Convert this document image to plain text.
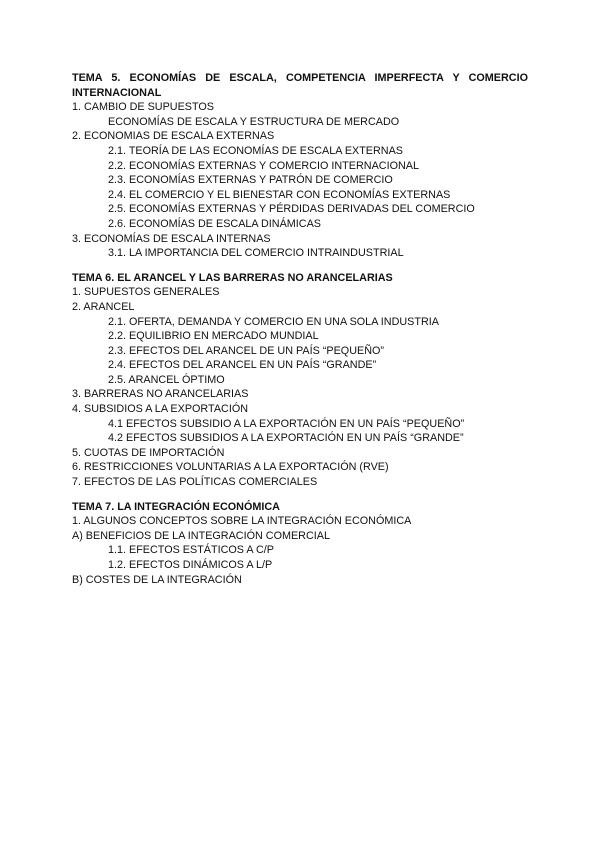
TEMA 5. ECONOMÍAS DE ESCALA, COMPETENCIA IMPERFECTA Y COMERCIO INTERNACIONAL

1. CAMBIO DE SUPUESTOS

ECONOMÍAS DE ESCALA Y ESTRUCTURA DE MERCADO

2. ECONOMIAS DE ESCALA EXTERNAS

2.1. TEORÍA DE LAS ECONOMÍAS DE ESCALA EXTERNAS

2.2. ECONOMÍAS EXTERNAS Y COMERCIO INTERNACIONAL

2.3. ECONOMÍAS EXTERNAS Y PATRÓN DE COMERCIO

2.4. EL COMERCIO Y EL BIENESTAR CON ECONOMÍAS EXTERNAS

2.5. ECONOMÍAS EXTERNAS Y PÉRDIDAS DERIVADAS DEL COMERCIO

2.6. ECONOMÍAS DE ESCALA DINÁMICAS

3. ECONOMÍAS DE ESCALA INTERNAS

3.1. LA IMPORTANCIA DEL COMERCIO INTRAINDUSTRIAL

TEMA 6. EL ARANCEL Y LAS BARRERAS NO ARANCELARIAS

1. SUPUESTOS GENERALES

2. ARANCEL

2.1. OFERTA, DEMANDA Y COMERCIO EN UNA SOLA INDUSTRIA

2.2. EQUILIBRIO EN MERCADO MUNDIAL

2.3. EFECTOS DEL ARANCEL DE UN PAÍS “PEQUEÑO”

2.4. EFECTOS DEL ARANCEL EN UN PAÍS “GRANDE”

2.5. ARANCEL ÓPTIMO

3. BARRERAS NO ARANCELARIAS

4. SUBSIDIOS A LA EXPORTACIÓN

4.1 EFECTOS SUBSIDIO A LA EXPORTACIÓN EN UN PAÍS “PEQUEÑO”

4.2 EFECTOS SUBSIDIOS A LA EXPORTACIÓN EN UN PAÍS “GRANDE”

5. CUOTAS DE IMPORTACIÓN

6. RESTRICCIONES VOLUNTARIAS A LA EXPORTACIÓN (RVE)

7. EFECTOS DE LAS POLÍTICAS COMERCIALES

TEMA 7. LA INTEGRACIÓN ECONÓMICA

1. ALGUNOS CONCEPTOS SOBRE LA INTEGRACIÓN ECONÓMICA

A) BENEFICIOS DE LA INTEGRACIÓN COMERCIAL

1.1. EFECTOS ESTÁTICOS A C/P

1.2. EFECTOS DINÁMICOS A L/P

B) COSTES DE LA INTEGRACIÓN
